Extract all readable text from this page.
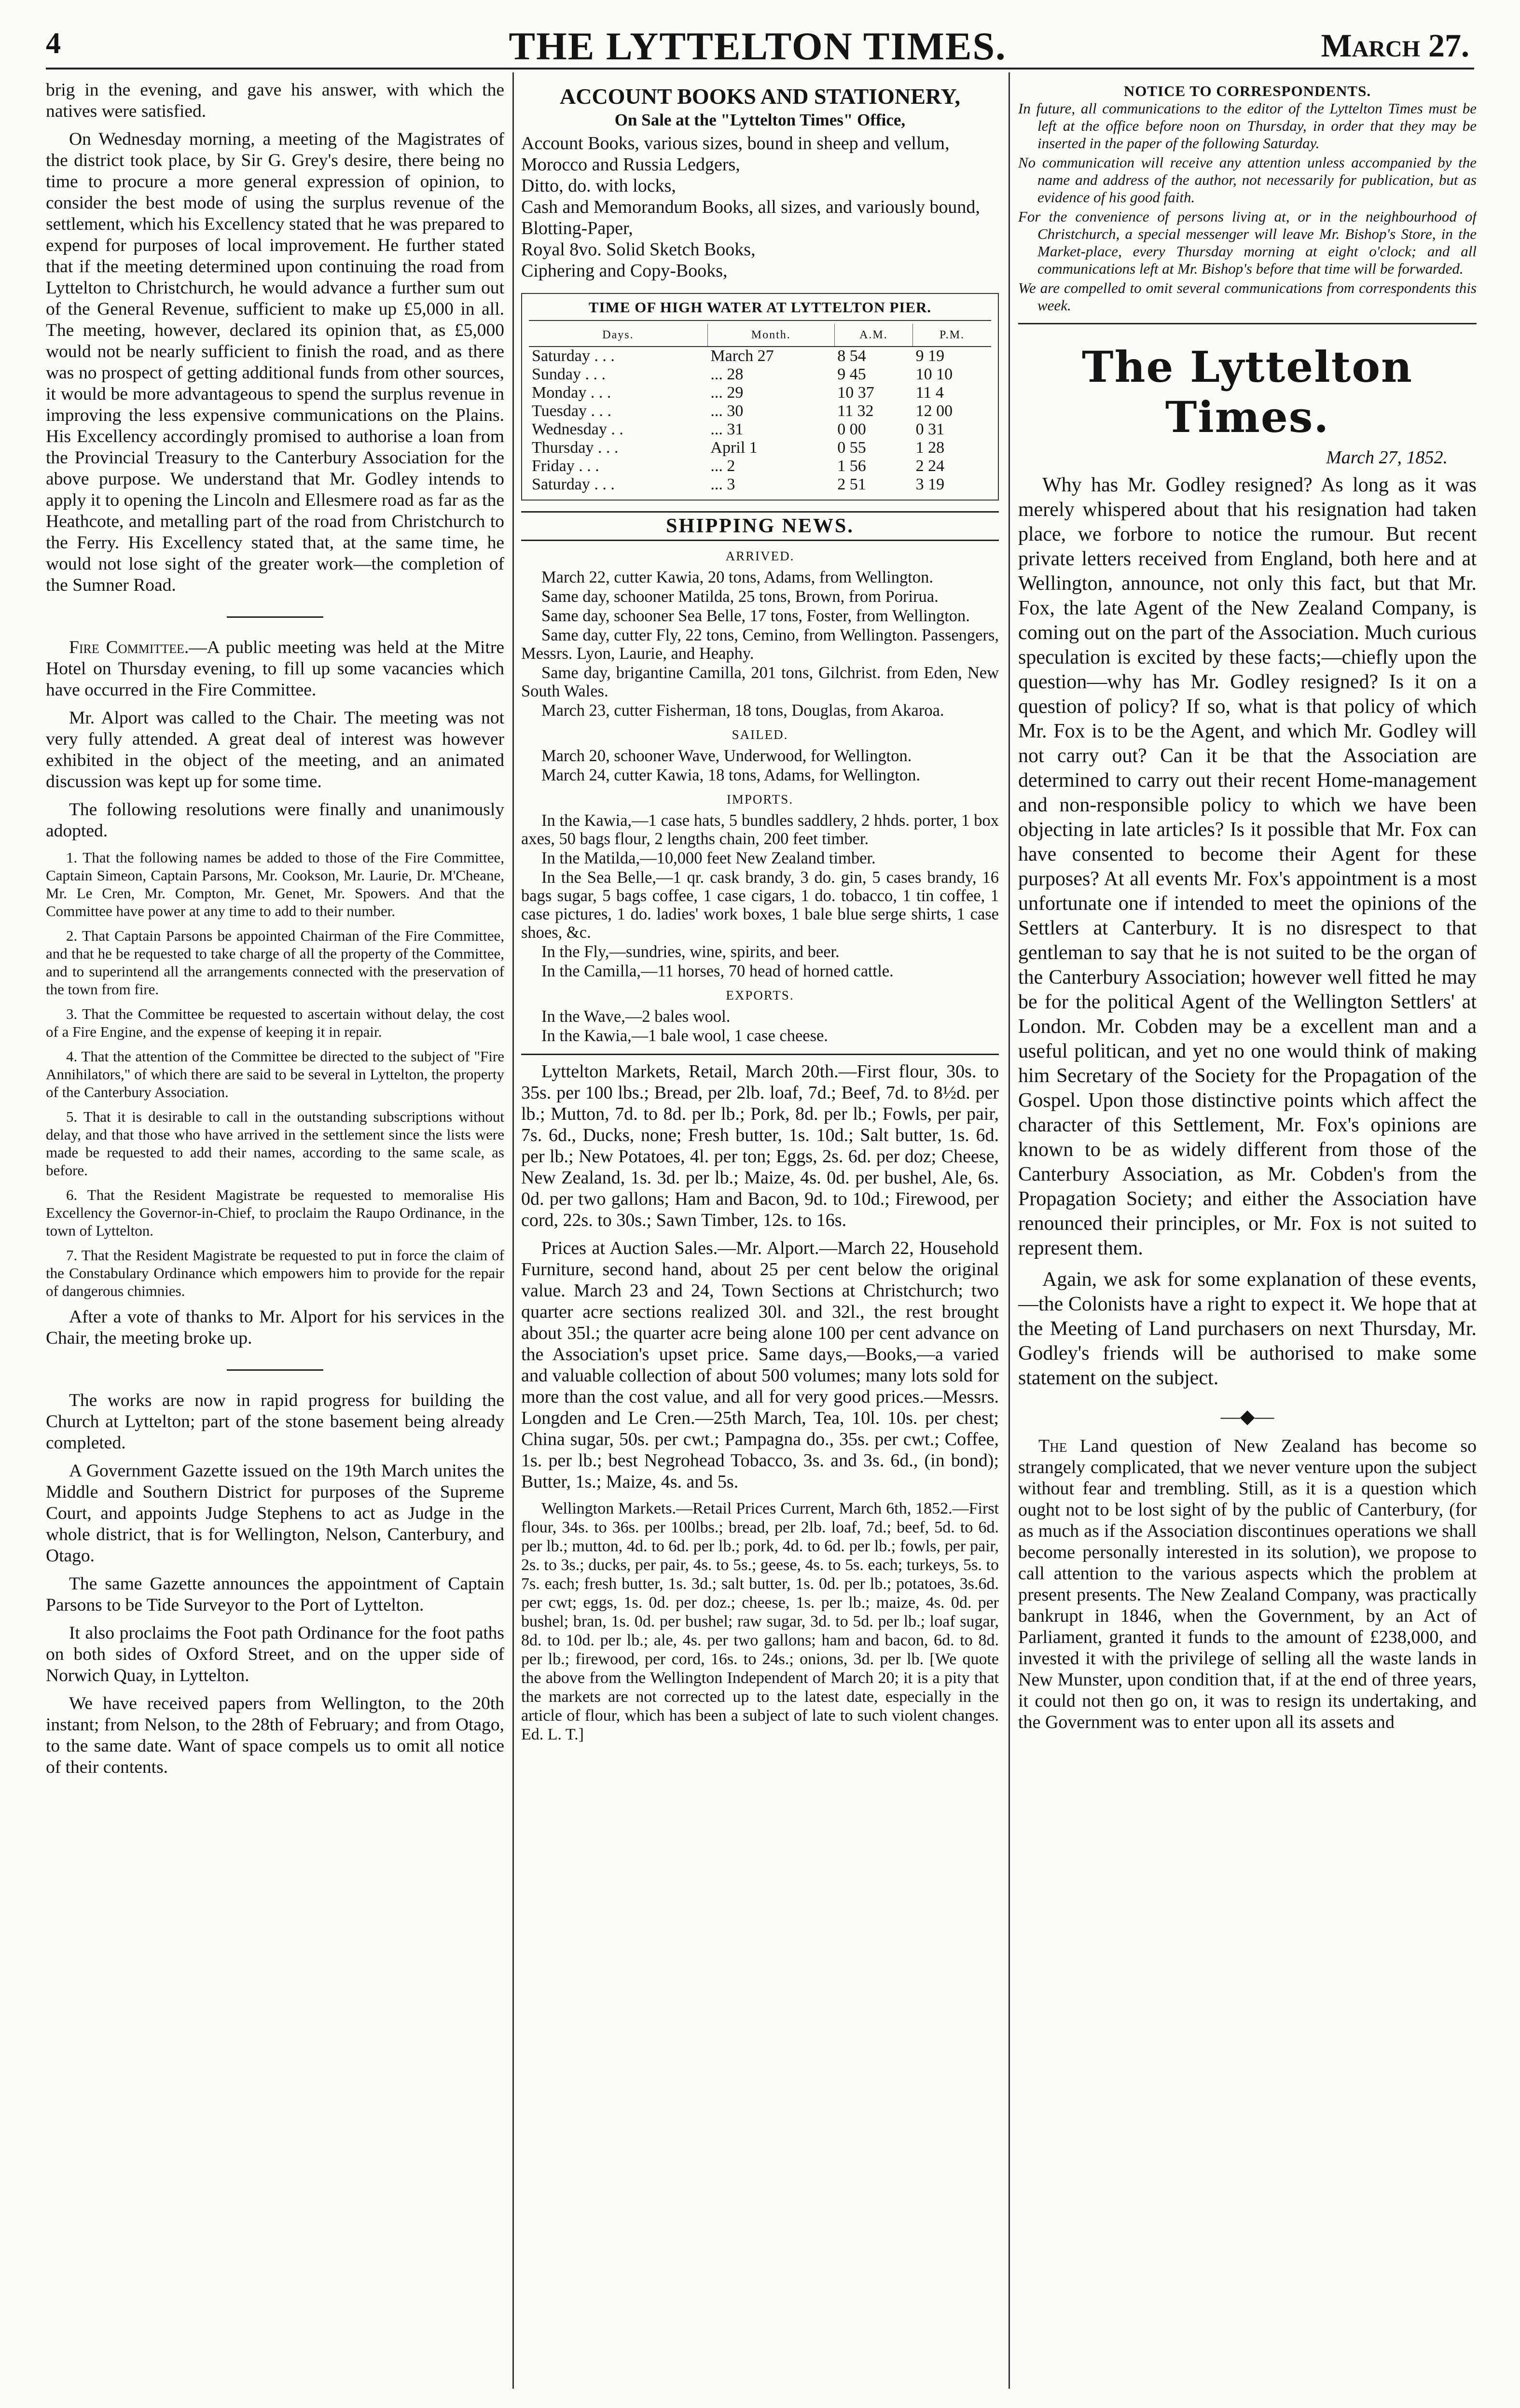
4	THE LYTTELTON TIMES.	March 27.

brig in the evening, and gave his answer, with which the natives were satisfied.

On Wednesday morning, a meeting of the Magistrates of the district took place, by Sir G. Grey's desire, there being no time to procure a more general expression of opinion, to consider the best mode of using the surplus revenue of the settlement, which his Excellency stated that he was prepared to expend for purposes of local improvement. He further stated that if the meeting determined upon continuing the road from Lyttelton to Christchurch, he would advance a further sum out of the General Revenue, sufficient to make up £5,000 in all. The meeting, however, declared its opinion that, as £5,000 would not be nearly sufficient to finish the road, and as there was no prospect of getting additional funds from other sources, it would be more advantageous to spend the surplus revenue in improving the less expensive communications on the Plains. His Excellency accordingly promised to authorise a loan from the Provincial Treasury to the Canterbury Association for the above purpose. We understand that Mr. Godley intends to apply it to opening the Lincoln and Ellesmere road as far as the Heathcote, and metalling part of the road from Christchurch to the Ferry. His Excellency stated that, at the same time, he would not lose sight of the greater work—the completion of the Sumner Road.

Fire Committee.—A public meeting was held at the Mitre Hotel on Thursday evening, to fill up some vacancies which have occurred in the Fire Committee.

Mr. Alport was called to the Chair. The meeting was not very fully attended. A great deal of interest was however exhibited in the object of the meeting, and an animated discussion was kept up for some time.

The following resolutions were finally and unanimously adopted.

1. That the following names be added to those of the Fire Committee, Captain Simeon, Captain Parsons, Mr. Cookson, Mr. Laurie, Dr. M'Cheane, Mr. Le Cren, Mr. Compton, Mr. Genet, Mr. Spowers. And that the Committee have power at any time to add to their number.

2. That Captain Parsons be appointed Chairman of the Fire Committee, and that he be requested to take charge of all the property of the Committee, and to superintend all the arrangements connected with the preservation of the town from fire.

3. That the Committee be requested to ascertain without delay, the cost of a Fire Engine, and the expense of keeping it in repair.

4. That the attention of the Committee be directed to the subject of "Fire Annihilators," of which there are said to be several in Lyttelton, the property of the Canterbury Association.

5. That it is desirable to call in the outstanding subscriptions without delay, and that those who have arrived in the settlement since the lists were made be requested to add their names, according to the same scale, as before.

6. That the Resident Magistrate be requested to memoralise His Excellency the Governor-in-Chief, to proclaim the Raupo Ordinance, in the town of Lyttelton.

7. That the Resident Magistrate be requested to put in force the claim of the Constabulary Ordinance which empowers him to provide for the repair of dangerous chimnies.

After a vote of thanks to Mr. Alport for his services in the Chair, the meeting broke up.

The works are now in rapid progress for building the Church at Lyttelton; part of the stone basement being already completed.

A Government Gazette issued on the 19th March unites the Middle and Southern District for purposes of the Supreme Court, and appoints Judge Stephens to act as Judge in the whole district, that is for Wellington, Nelson, Canterbury, and Otago.

The same Gazette announces the appointment of Captain Parsons to be Tide Surveyor to the Port of Lyttelton.

It also proclaims the Foot path Ordinance for the foot paths on both sides of Oxford Street, and on the upper side of Norwich Quay, in Lyttelton.

We have received papers from Wellington, to the 20th instant; from Nelson, to the 28th of February; and from Otago, to the same date. Want of space compels us to omit all notice of their contents.

ACCOUNT BOOKS AND STATIONERY,
On Sale at the "Lyttelton Times" Office,
Account Books, various sizes, bound in sheep and vellum,
Morocco and Russia Ledgers,
Ditto, do. with locks,
Cash and Memorandum Books, all sizes, and variously bound,
Blotting-Paper,
Royal 8vo. Solid Sketch Books,
Ciphering and Copy-Books,
TIME OF HIGH WATER AT LYTTELTON PIER.
Days.	Month.	A.M.	P.M.
Saturday . . .	March 27	8 54	9 19
Sunday . . .	... 28	9 45	10 10
Monday . . .	... 29	10 37	11 4
Tuesday . . .	... 30	11 32	12 00
Wednesday . .	... 31	0 00	0 31
Thursday . . .	April 1	0 55	1 28
Friday . . .	... 2	1 56	2 24
Saturday . . .	... 3	2 51	3 19
SHIPPING NEWS.
ARRIVED.

March 22, cutter Kawia, 20 tons, Adams, from Wellington.

Same day, schooner Matilda, 25 tons, Brown, from Porirua.

Same day, schooner Sea Belle, 17 tons, Foster, from Wellington.

Same day, cutter Fly, 22 tons, Cemino, from Wellington. Passengers, Messrs. Lyon, Laurie, and Heaphy.

Same day, brigantine Camilla, 201 tons, Gilchrist. from Eden, New South Wales.

March 23, cutter Fisherman, 18 tons, Douglas, from Akaroa.

SAILED.

March 20, schooner Wave, Underwood, for Wellington.

March 24, cutter Kawia, 18 tons, Adams, for Wellington.

IMPORTS.

In the Kawia,—1 case hats, 5 bundles saddlery, 2 hhds. porter, 1 box axes, 50 bags flour, 2 lengths chain, 200 feet timber.

In the Matilda,—10,000 feet New Zealand timber.

In the Sea Belle,—1 qr. cask brandy, 3 do. gin, 5 cases brandy, 16 bags sugar, 5 bags coffee, 1 case cigars, 1 do. tobacco, 1 tin coffee, 1 case pictures, 1 do. ladies' work boxes, 1 bale blue serge shirts, 1 case shoes, &c.

In the Fly,—sundries, wine, spirits, and beer.

In the Camilla,—11 horses, 70 head of horned cattle.

EXPORTS.

In the Wave,—2 bales wool.

In the Kawia,—1 bale wool, 1 case cheese.

Lyttelton Markets, Retail, March 20th.—First flour, 30s. to 35s. per 100 lbs.; Bread, per 2lb. loaf, 7d.; Beef, 7d. to 8½d. per lb.; Mutton, 7d. to 8d. per lb.; Pork, 8d. per lb.; Fowls, per pair, 7s. 6d., Ducks, none; Fresh butter, 1s. 10d.; Salt butter, 1s. 6d. per lb.; New Potatoes, 4l. per ton; Eggs, 2s. 6d. per doz; Cheese, New Zealand, 1s. 3d. per lb.; Maize, 4s. 0d. per bushel, Ale, 6s. 0d. per two gallons; Ham and Bacon, 9d. to 10d.; Firewood, per cord, 22s. to 30s.; Sawn Timber, 12s. to 16s.

Prices at Auction Sales.—Mr. Alport.—March 22, Household Furniture, second hand, about 25 per cent below the original value. March 23 and 24, Town Sections at Christchurch; two quarter acre sections realized 30l. and 32l., the rest brought about 35l.; the quarter acre being alone 100 per cent advance on the Association's upset price. Same days,—Books,—a varied and valuable collection of about 500 volumes; many lots sold for more than the cost value, and all for very good prices.—Messrs. Longden and Le Cren.—25th March, Tea, 10l. 10s. per chest; China sugar, 50s. per cwt.; Pampagna do., 35s. per cwt.; Coffee, 1s. per lb.; best Negrohead Tobacco, 3s. and 3s. 6d., (in bond); Butter, 1s.; Maize, 4s. and 5s.

Wellington Markets.—Retail Prices Current, March 6th, 1852.—First flour, 34s. to 36s. per 100lbs.; bread, per 2lb. loaf, 7d.; beef, 5d. to 6d. per lb.; mutton, 4d. to 6d. per lb.; pork, 4d. to 6d. per lb.; fowls, per pair, 2s. to 3s.; ducks, per pair, 4s. to 5s.; geese, 4s. to 5s. each; turkeys, 5s. to 7s. each; fresh butter, 1s. 3d.; salt butter, 1s. 0d. per lb.; potatoes, 3s.6d. per cwt; eggs, 1s. 0d. per doz.; cheese, 1s. per lb.; maize, 4s. 0d. per bushel; bran, 1s. 0d. per bushel; raw sugar, 3d. to 5d. per lb.; loaf sugar, 8d. to 10d. per lb.; ale, 4s. per two gallons; ham and bacon, 6d. to 8d. per lb.; firewood, per cord, 16s. to 24s.; onions, 3d. per lb. [We quote the above from the Wellington Independent of March 20; it is a pity that the markets are not corrected up to the latest date, especially in the article of flour, which has been a subject of late to such violent changes. Ed. L. T.]

NOTICE TO CORRESPONDENTS.

In future, all communications to the editor of the Lyttelton Times must be left at the office before noon on Thursday, in order that they may be inserted in the paper of the following Saturday.

No communication will receive any attention unless accompanied by the name and address of the author, not necessarily for publication, but as evidence of his good faith.

For the convenience of persons living at, or in the neighbourhood of Christchurch, a special messenger will leave Mr. Bishop's Store, in the Market-place, every Thursday morning at eight o'clock; and all communications left at Mr. Bishop's before that time will be forwarded.

We are compelled to omit several communications from correspondents this week.

The Lyttelton Times.
March 27, 1852.

Why has Mr. Godley resigned? As long as it was merely whispered about that his resignation had taken place, we forbore to notice the rumour. But recent private letters received from England, both here and at Wellington, announce, not only this fact, but that Mr. Fox, the late Agent of the New Zealand Company, is coming out on the part of the Association. Much curious speculation is excited by these facts;—chiefly upon the question—why has Mr. Godley resigned? Is it on a question of policy? If so, what is that policy of which Mr. Fox is to be the Agent, and which Mr. Godley will not carry out? Can it be that the Association are determined to carry out their recent Home-management and non-responsible policy to which we have been objecting in late articles? Is it possible that Mr. Fox can have consented to become their Agent for these purposes? At all events Mr. Fox's appointment is a most unfortunate one if intended to meet the opinions of the Settlers at Canterbury. It is no disrespect to that gentleman to say that he is not suited to be the organ of the Canterbury Association; however well fitted he may be for the political Agent of the Wellington Settlers' at London. Mr. Cobden may be a excellent man and a useful politican, and yet no one would think of making him Secretary of the Society for the Propagation of the Gospel. Upon those distinctive points which affect the character of this Settlement, Mr. Fox's opinions are known to be as widely different from those of the Canterbury Association, as Mr. Cobden's from the Propagation Society; and either the Association have renounced their principles, or Mr. Fox is not suited to represent them.

Again, we ask for some explanation of these events,—the Colonists have a right to expect it. We hope that at the Meeting of Land purchasers on next Thursday, Mr. Godley's friends will be authorised to make some statement on the subject.

—◆—

The Land question of New Zealand has become so strangely complicated, that we never venture upon the subject without fear and trembling. Still, as it is a question which ought not to be lost sight of by the public of Canterbury, (for as much as if the Association discontinues operations we shall become personally interested in its solution), we propose to call attention to the various aspects which the problem at present presents. The New Zealand Company, was practically bankrupt in 1846, when the Government, by an Act of Parliament, granted it funds to the amount of £238,000, and invested it with the privilege of selling all the waste lands in New Munster, upon condition that, if at the end of three years, it could not then go on, it was to resign its undertaking, and the Government was to enter upon all its assets and
